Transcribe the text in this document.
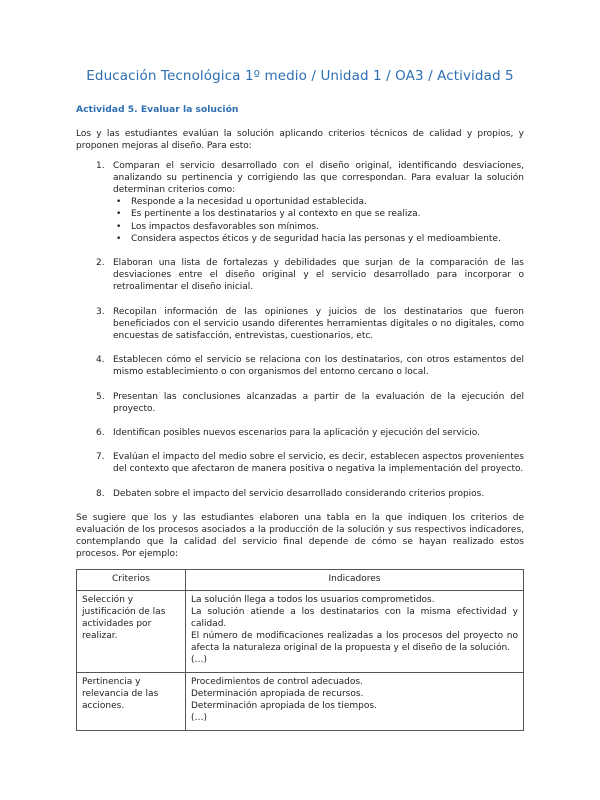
Educación Tecnológica 1º medio / Unidad 1 / OA3 / Actividad 5
Actividad 5. Evaluar la solución

Los y las estudiantes evalúan la solución aplicando criterios técnicos de calidad y propios, y proponen mejoras al diseño. Para esto:

1. Comparan el servicio desarrollado con el diseño original, identificando desviaciones, analizando su pertinencia y corrigiendo las que correspondan. Para evaluar la solución determinan criterios como:
• Responde a la necesidad u oportunidad establecida.
• Es pertinente a los destinatarios y al contexto en que se realiza.
• Los impactos desfavorables son mínimos.
• Considera aspectos éticos y de seguridad hacia las personas y el medioambiente.
2. Elaboran una lista de fortalezas y debilidades que surjan de la comparación de las desviaciones entre el diseño original y el servicio desarrollado para incorporar o retroalimentar el diseño inicial.
3. Recopilan información de las opiniones y juicios de los destinatarios que fueron beneficiados con el servicio usando diferentes herramientas digitales o no digitales, como encuestas de satisfacción, entrevistas, cuestionarios, etc.
4. Establecen cómo el servicio se relaciona con los destinatarios, con otros estamentos del mismo establecimiento o con organismos del entorno cercano o local.
5. Presentan las conclusiones alcanzadas a partir de la evaluación de la ejecución del proyecto.
6. Identifican posibles nuevos escenarios para la aplicación y ejecución del servicio.
7. Evalúan el impacto del medio sobre el servicio, es decir, establecen aspectos provenientes del contexto que afectaron de manera positiva o negativa la implementación del proyecto.
8. Debaten sobre el impacto del servicio desarrollado considerando criterios propios.

Se sugiere que los y las estudiantes elaboren una tabla en la que indiquen los criterios de evaluación de los procesos asociados a la producción de la solución y sus respectivos indicadores, contemplando que la calidad del servicio final depende de cómo se hayan realizado estos procesos. Por ejemplo:

Criterios	Indicadores
Selección y justificación de las actividades por realizar.	La solución llega a todos los usuarios comprometidos.
La solución atiende a los destinatarios con la misma efectividad y calidad.
El número de modificaciones realizadas a los procesos del proyecto no afecta la naturaleza original de la propuesta y el diseño de la solución.
(…)

Pertinencia y relevancia de las acciones.	Procedimientos de control adecuados.
Determinación apropiada de recursos.
Determinación apropiada de los tiempos.
(…)
